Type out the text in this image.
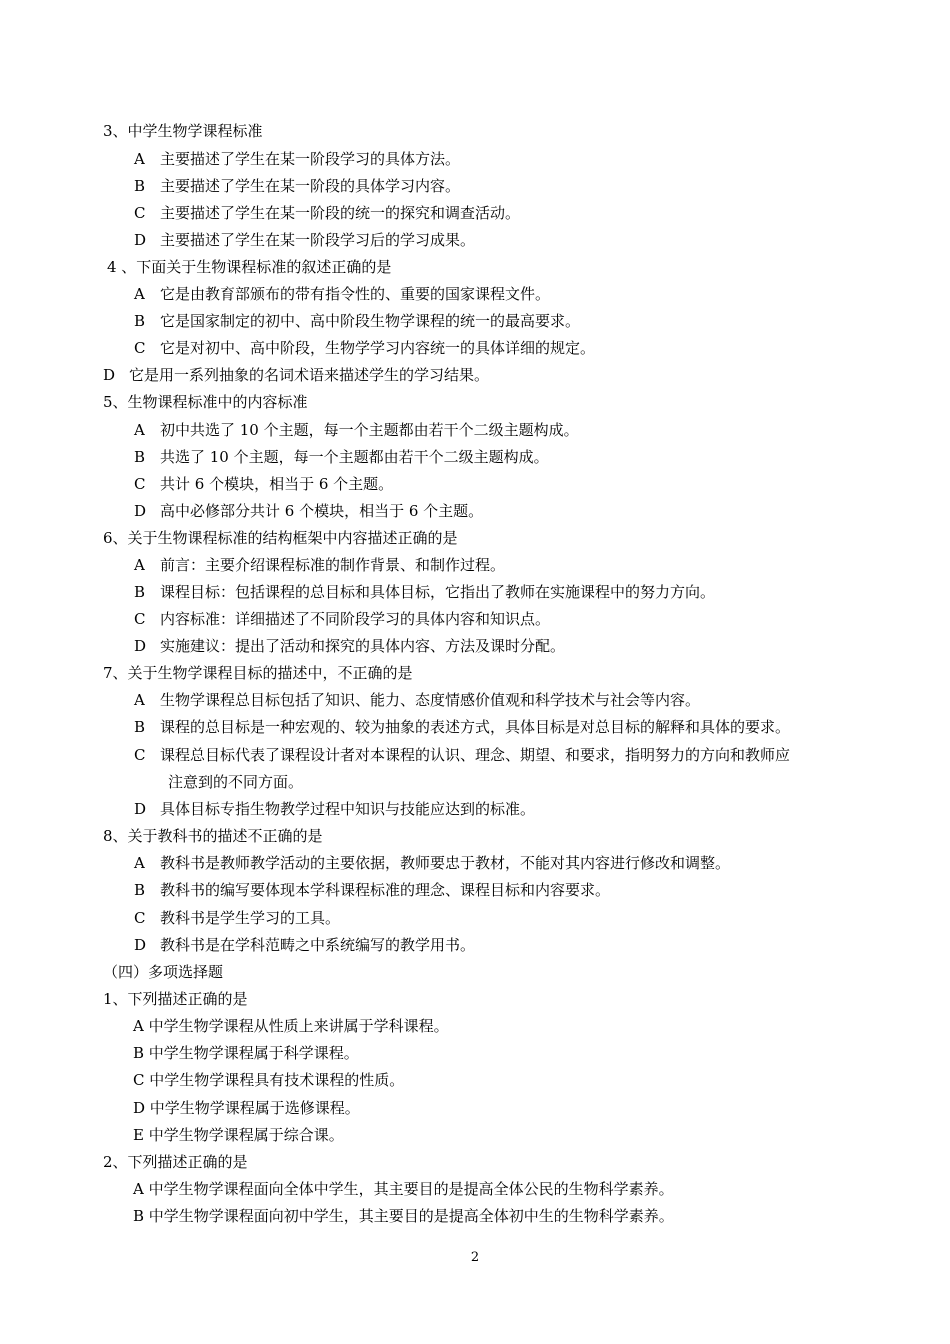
3、中学生物学课程标准
A 主要描述了学生在某一阶段学习的具体方法。
B 主要描述了学生在某一阶段的具体学习内容。
C 主要描述了学生在某一阶段的统一的探究和调查活动。
D 主要描述了学生在某一阶段学习后的学习成果。
4 、下面关于生物课程标准的叙述正确的是
A 它是由教育部颁布的带有指令性的、重要的国家课程文件。
B 它是国家制定的初中、高中阶段生物学课程的统一的最高要求。
C 它是对初中、高中阶段，生物学学习内容统一的具体详细的规定。
D 它是用一系列抽象的名词术语来描述学生的学习结果。
5、生物课程标准中的内容标准
A 初中共选了 10 个主题，每一个主题都由若干个二级主题构成。
B 共选了 10 个主题，每一个主题都由若干个二级主题构成。
C 共计 6 个模块，相当于 6 个主题。
D 高中必修部分共计 6 个模块，相当于 6 个主题。
6、关于生物课程标准的结构框架中内容描述正确的是
A 前言：主要介绍课程标准的制作背景、和制作过程。
B 课程目标：包括课程的总目标和具体目标，它指出了教师在实施课程中的努力方向。
C 内容标准：详细描述了不同阶段学习的具体内容和知识点。
D 实施建议：提出了活动和探究的具体内容、方法及课时分配。
7、关于生物学课程目标的描述中，不正确的是
A 生物学课程总目标包括了知识、能力、态度情感价值观和科学技术与社会等内容。
B 课程的总目标是一种宏观的、较为抽象的表述方式，具体目标是对总目标的解释和具体的要求。
C 课程总目标代表了课程设计者对本课程的认识、理念、期望、和要求，指明努力的方向和教师应
注意到的不同方面。
D 具体目标专指生物教学过程中知识与技能应达到的标准。
8、关于教科书的描述不正确的是
A 教科书是教师教学活动的主要依据，教师要忠于教材，不能对其内容进行修改和调整。
B 教科书的编写要体现本学科课程标准的理念、课程目标和内容要求。
C 教科书是学生学习的工具。
D 教科书是在学科范畴之中系统编写的教学用书。
（四）多项选择题
1、下列描述正确的是
A 中学生物学课程从性质上来讲属于学科课程。
B 中学生物学课程属于科学课程。
C 中学生物学课程具有技术课程的性质。
D 中学生物学课程属于选修课程。
E 中学生物学课程属于综合课。
2、下列描述正确的是
A 中学生物学课程面向全体中学生，其主要目的是提高全体公民的生物科学素养。
B 中学生物学课程面向初中学生，其主要目的是提高全体初中生的生物科学素养。
2
